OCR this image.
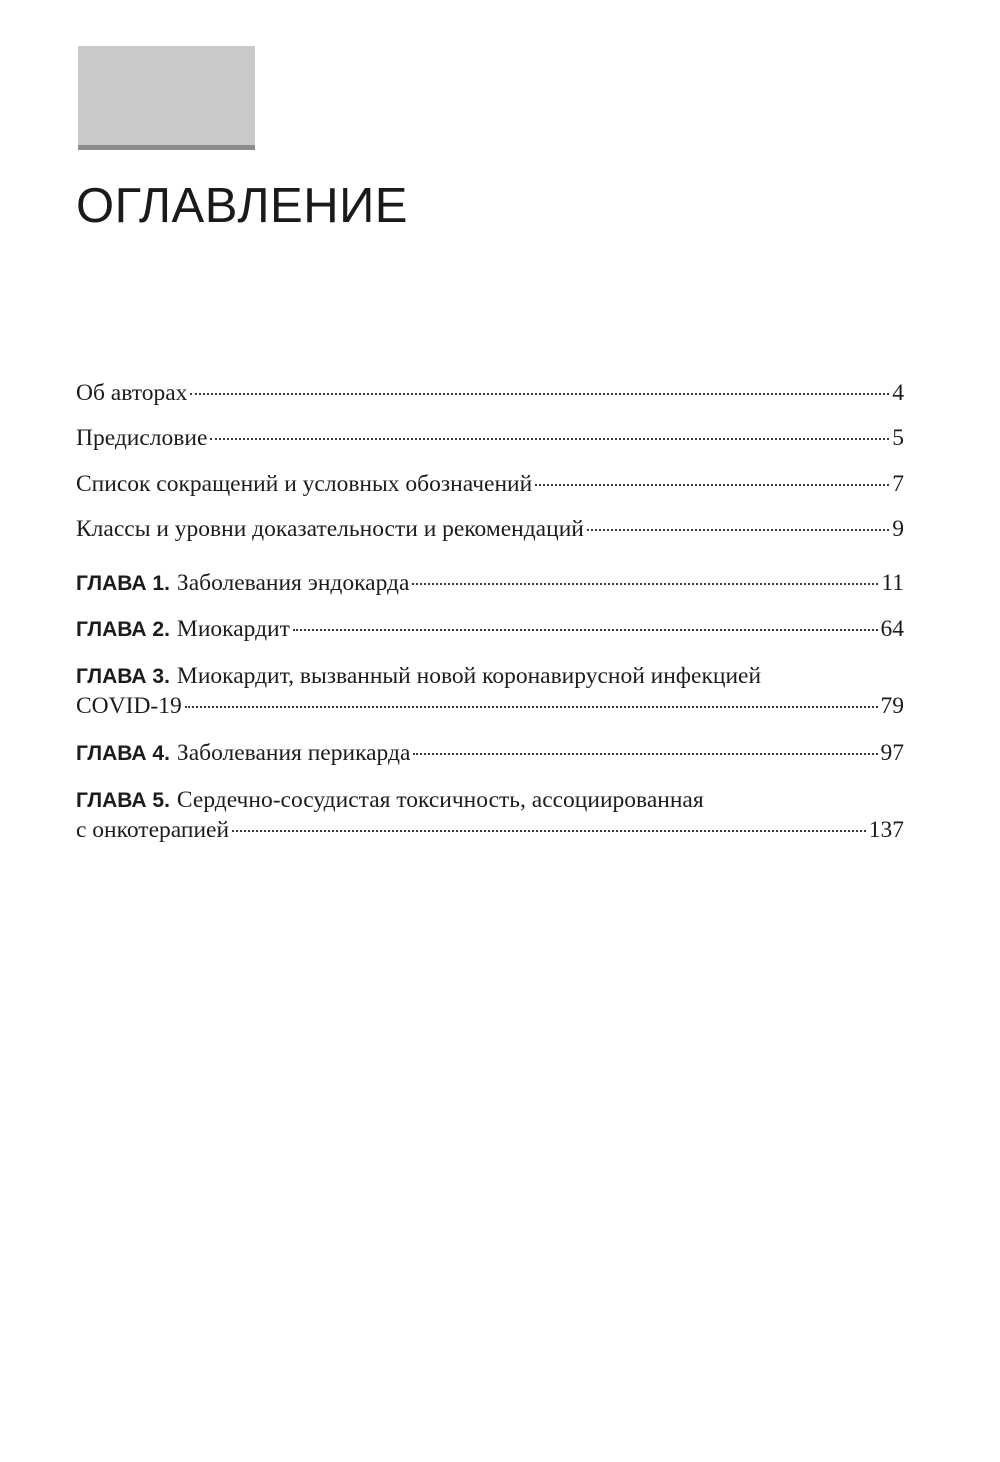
ОГЛАВЛЕНИЕ
Об авторах	4
Предисловие	5
Список сокращений и условных обозначений	7
Классы и уровни доказательности и рекомендаций	9
ГЛАВА 1. Заболевания эндокарда	11
ГЛАВА 2. Миокардит	64
ГЛАВА 3. Миокардит, вызванный новой коронавирусной инфекцией
COVID-19	79
ГЛАВА 4. Заболевания перикарда	97
ГЛАВА 5. Сердечно-сосудистая токсичность, ассоциированная
с онкотерапией	137
